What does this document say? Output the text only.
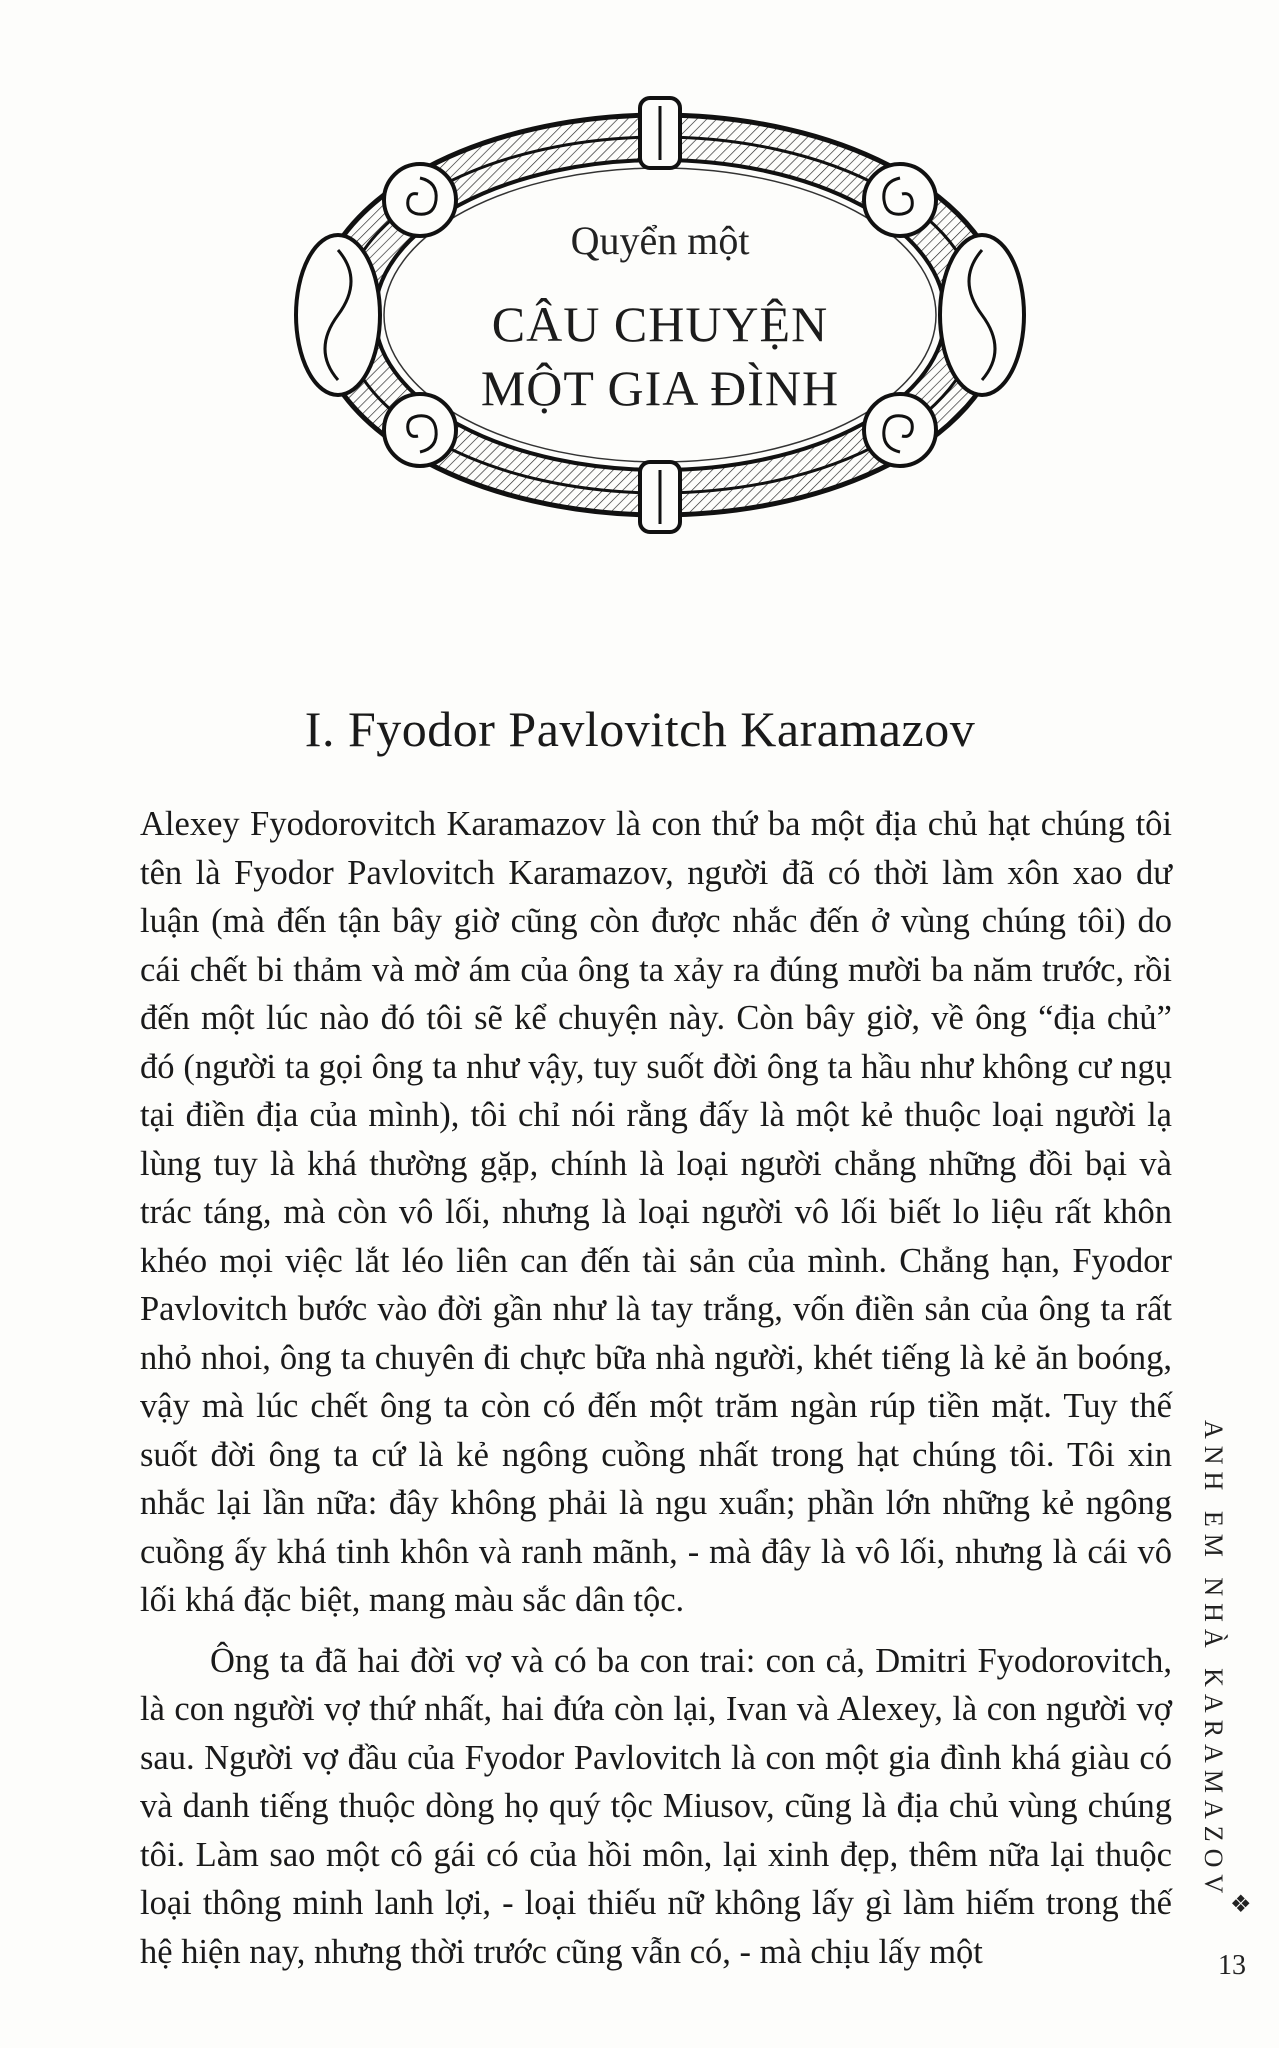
Quyển một
CÂU CHUYỆN
MỘT GIA ĐÌNH
I. Fyodor Pavlovitch Karamazov

Alexey Fyodorovitch Karamazov là con thứ ba một địa chủ hạt chúng tôi tên là Fyodor Pavlovitch Karamazov, người đã có thời làm xôn xao dư luận (mà đến tận bây giờ cũng còn được nhắc đến ở vùng chúng tôi) do cái chết bi thảm và mờ ám của ông ta xảy ra đúng mười ba năm trước, rồi đến một lúc nào đó tôi sẽ kể chuyện này. Còn bây giờ, về ông “địa chủ” đó (người ta gọi ông ta như vậy, tuy suốt đời ông ta hầu như không cư ngụ tại điền địa của mình), tôi chỉ nói rằng đấy là một kẻ thuộc loại người lạ lùng tuy là khá thường gặp, chính là loại người chẳng những đồi bại và trác táng, mà còn vô lối, nhưng là loại người vô lối biết lo liệu rất khôn khéo mọi việc lắt léo liên can đến tài sản của mình. Chẳng hạn, Fyodor Pavlovitch bước vào đời gần như là tay trắng, vốn điền sản của ông ta rất nhỏ nhoi, ông ta chuyên đi chực bữa nhà người, khét tiếng là kẻ ăn boóng, vậy mà lúc chết ông ta còn có đến một trăm ngàn rúp tiền mặt. Tuy thế suốt đời ông ta cứ là kẻ ngông cuồng nhất trong hạt chúng tôi. Tôi xin nhắc lại lần nữa: đây không phải là ngu xuẩn; phần lớn những kẻ ngông cuồng ấy khá tinh khôn và ranh mãnh, - mà đây là vô lối, nhưng là cái vô lối khá đặc biệt, mang màu sắc dân tộc.

Ông ta đã hai đời vợ và có ba con trai: con cả, Dmitri Fyodorovitch, là con người vợ thứ nhất, hai đứa còn lại, Ivan và Alexey, là con người vợ sau. Người vợ đầu của Fyodor Pavlovitch là con một gia đình khá giàu có và danh tiếng thuộc dòng họ quý tộc Miusov, cũng là địa chủ vùng chúng tôi. Làm sao một cô gái có của hồi môn, lại xinh đẹp, thêm nữa lại thuộc loại thông minh lanh lợi, - loại thiếu nữ không lấy gì làm hiếm trong thế hệ hiện nay, nhưng thời trước cũng vẫn có, - mà chịu lấy một

ANH EM NHÀ KARAMAZOV
❖
13
